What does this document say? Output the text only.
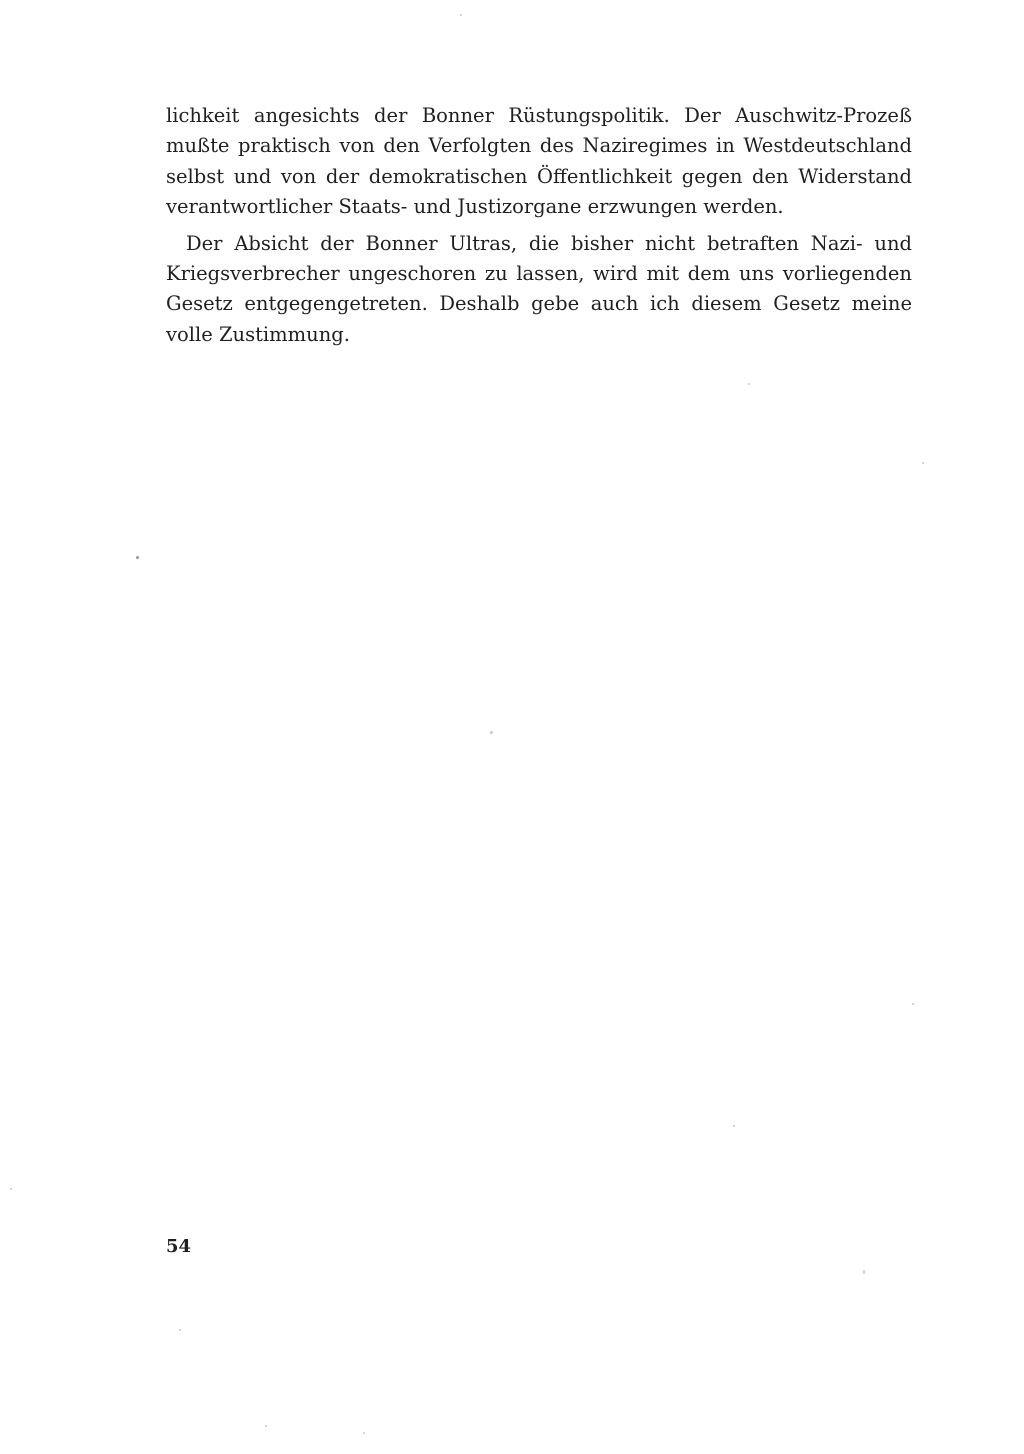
lichkeit angesichts der Bonner Rüstungspolitik. Der Auschwitz-Prozeß mußte praktisch von den Verfolgten des Naziregimes in Westdeutschland selbst und von der demokratischen Öffentlichkeit gegen den Widerstand verantwortlicher Staats- und Justizorgane erzwungen werden.

Der Absicht der Bonner Ultras, die bisher nicht betraften Nazi- und Kriegsverbrecher ungeschoren zu lassen, wird mit dem uns vorliegenden Gesetz entgegengetreten. Deshalb gebe auch ich diesem Gesetz meine volle Zustimmung.

54
